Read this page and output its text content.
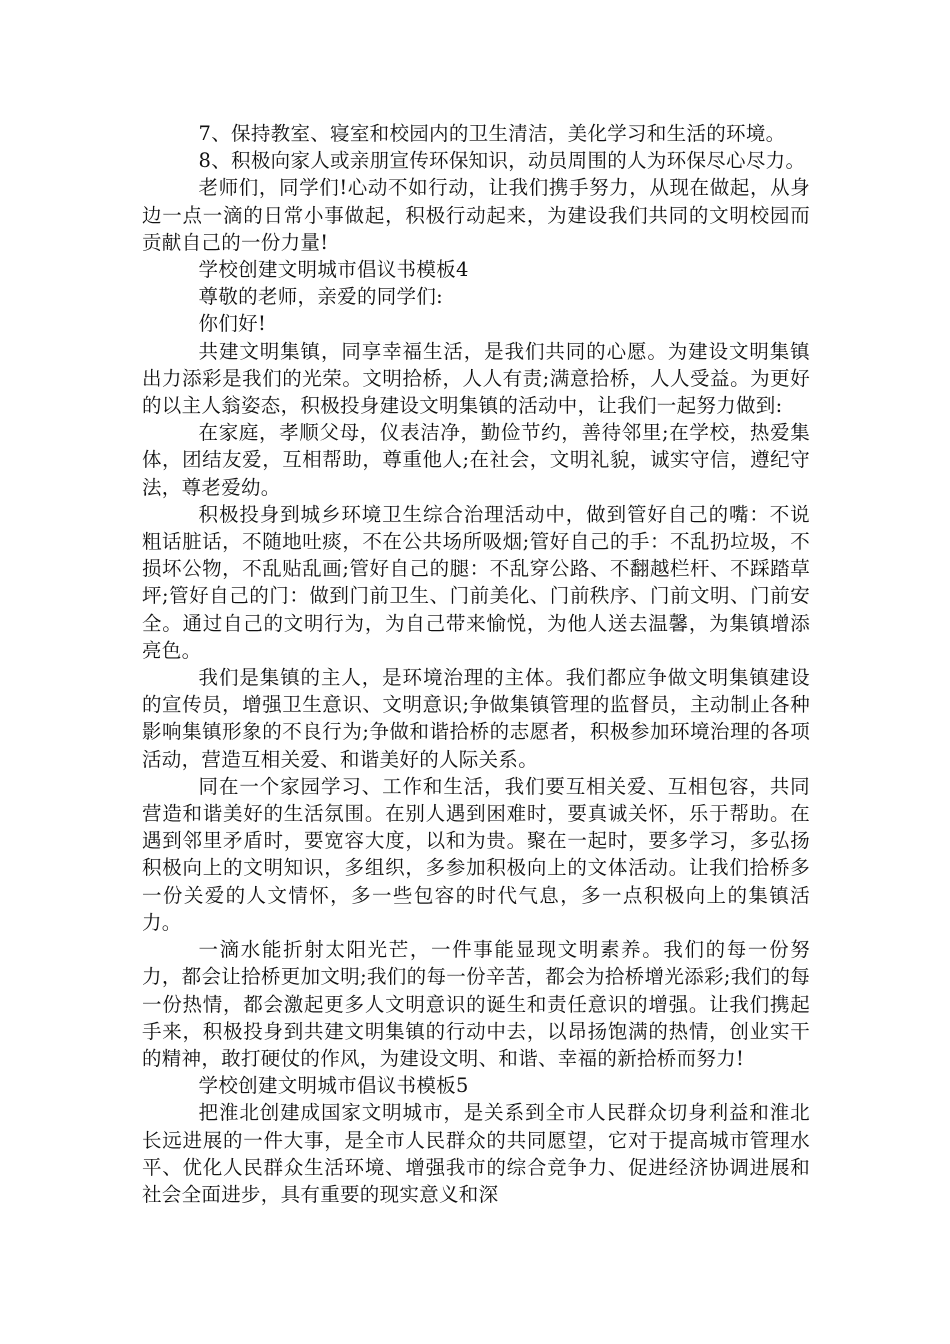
7、保持教室、寝室和校园内的卫生清洁，美化学习和生活的环境。

8、积极向家人或亲朋宣传环保知识，动员周围的人为环保尽心尽力。

老师们，同学们!心动不如行动，让我们携手努力，从现在做起，从身边一点一滴的日常小事做起，积极行动起来，为建设我们共同的文明校园而贡献自己的一份力量!

学校创建文明城市倡议书模板4

尊敬的老师，亲爱的同学们:

你们好!

共建文明集镇，同享幸福生活，是我们共同的心愿。为建设文明集镇出力添彩是我们的光荣。文明拾桥，人人有责;满意拾桥，人人受益。为更好的以主人翁姿态，积极投身建设文明集镇的活动中，让我们一起努力做到:

在家庭，孝顺父母，仪表洁净，勤俭节约，善待邻里;在学校，热爱集体，团结友爱，互相帮助，尊重他人;在社会，文明礼貌，诚实守信，遵纪守法，尊老爱幼。

积极投身到城乡环境卫生综合治理活动中，做到管好自己的嘴：不说粗话脏话，不随地吐痰，不在公共场所吸烟;管好自己的手：不乱扔垃圾，不损坏公物，不乱贴乱画;管好自己的腿：不乱穿公路、不翻越栏杆、不踩踏草坪;管好自己的门：做到门前卫生、门前美化、门前秩序、门前文明、门前安全。通过自己的文明行为，为自己带来愉悦，为他人送去温馨，为集镇增添亮色。

我们是集镇的主人，是环境治理的主体。我们都应争做文明集镇建设的宣传员，增强卫生意识、文明意识;争做集镇管理的监督员，主动制止各种影响集镇形象的不良行为;争做和谐拾桥的志愿者，积极参加环境治理的各项活动，营造互相关爱、和谐美好的人际关系。

同在一个家园学习、工作和生活，我们要互相关爱、互相包容，共同营造和谐美好的生活氛围。在别人遇到困难时，要真诚关怀，乐于帮助。在遇到邻里矛盾时，要宽容大度，以和为贵。聚在一起时，要多学习，多弘扬积极向上的文明知识，多组织，多参加积极向上的文体活动。让我们拾桥多一份关爱的人文情怀，多一些包容的时代气息，多一点积极向上的集镇活力。

一滴水能折射太阳光芒，一件事能显现文明素养。我们的每一份努力，都会让拾桥更加文明;我们的每一份辛苦，都会为拾桥增光添彩;我们的每一份热情，都会激起更多人文明意识的诞生和责任意识的增强。让我们携起手来，积极投身到共建文明集镇的行动中去，以昂扬饱满的热情，创业实干的精神，敢打硬仗的作风，为建设文明、和谐、幸福的新拾桥而努力!

学校创建文明城市倡议书模板5

把淮北创建成国家文明城市，是关系到全市人民群众切身利益和淮北长远进展的一件大事，是全市人民群众的共同愿望，它对于提高城市管理水平、优化人民群众生活环境、增强我市的综合竞争力、促进经济协调进展和社会全面进步，具有重要的现实意义和深
